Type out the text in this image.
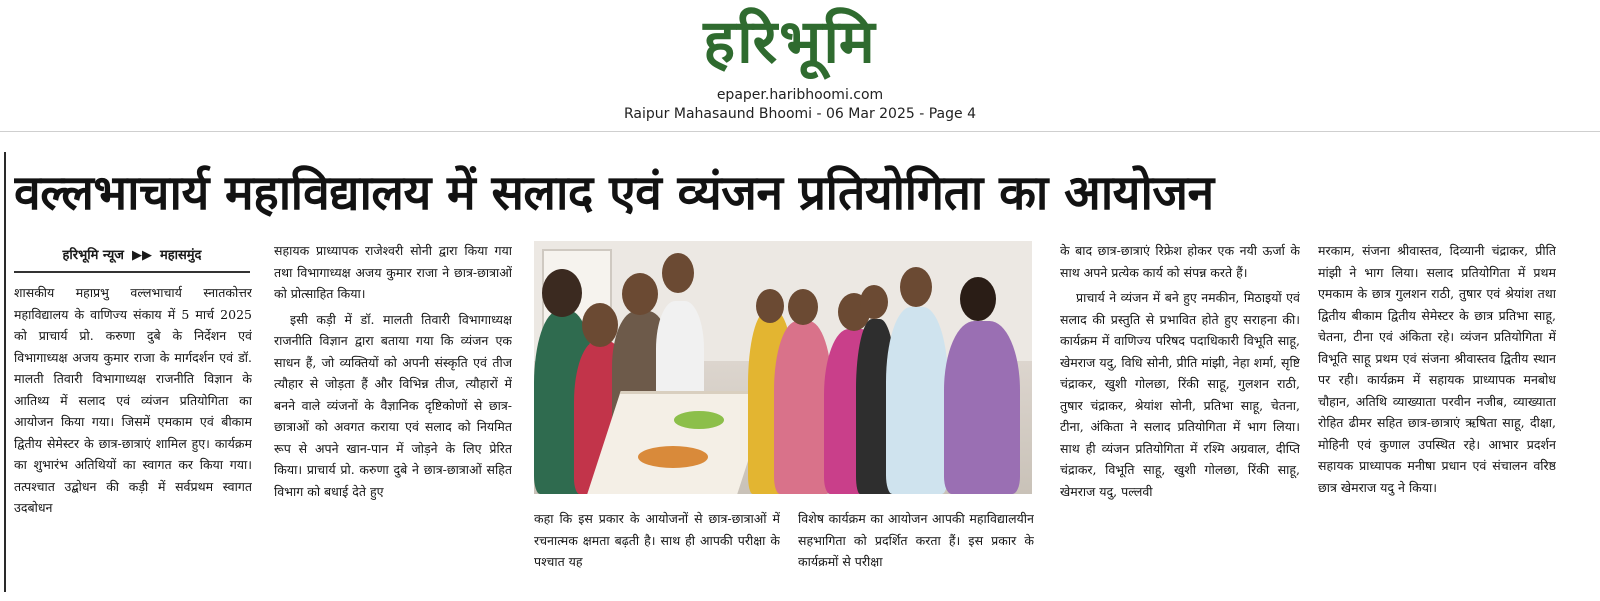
हरिभूमि
epaper.haribhoomi.com
Raipur Mahasaund Bhoomi - 06 Mar 2025 - Page 4
वल्लभाचार्य महाविद्यालय में सलाद एवं व्यंजन प्रतियोगिता का आयोजन
हरिभूमि न्यूज ▶▶ महासमुंद

शासकीय महाप्रभु वल्लभाचार्य स्नातकोत्तर महाविद्यालय के वाणिज्य संकाय में 5 मार्च 2025 को प्राचार्य प्रो. करुणा दुबे के निर्देशन एवं विभागाध्यक्ष अजय कुमार राजा के मार्गदर्शन एवं डॉ. मालती तिवारी विभागाध्यक्ष राजनीति विज्ञान के आतिथ्य में सलाद एवं व्यंजन प्रतियोगिता का आयोजन किया गया। जिसमें एमकाम एवं बीकाम द्वितीय सेमेस्टर के छात्र-छात्राएं शामिल हुए। कार्यक्रम का शुभारंभ अतिथियों का स्वागत कर किया गया। तत्पश्चात उद्बोधन की कड़ी में सर्वप्रथम स्वागत उदबोधन

सहायक प्राध्यापक राजेश्वरी सोनी द्वारा किया गया तथा विभागाध्यक्ष अजय कुमार राजा ने छात्र-छात्राओं को प्रोत्साहित किया।

इसी कड़ी में डॉ. मालती तिवारी विभागाध्यक्ष राजनीति विज्ञान द्वारा बताया गया कि व्यंजन एक साधन हैं, जो व्यक्तियों को अपनी संस्कृति एवं तीज त्यौहार से जोड़ता हैं और विभिन्न तीज, त्यौहारों में बनने वाले व्यंजनों के वैज्ञानिक दृष्टिकोणों से छात्र-छात्राओं को अवगत कराया एवं सलाद को नियमित रूप से अपने खान-पान में जोड़ने के लिए प्रेरित किया। प्राचार्य प्रो. करुणा दुबे ने छात्र-छात्राओं सहित विभाग को बधाई देते हुए

कहा कि इस प्रकार के आयोजनों से छात्र-छात्राओं में रचनात्मक क्षमता बढ़ती है। साथ ही आपकी परीक्षा के पश्चात यह

विशेष कार्यक्रम का आयोजन आपकी महाविद्यालयीन सहभागिता को प्रदर्शित करता हैं। इस प्रकार के कार्यक्रमों से परीक्षा

के बाद छात्र-छात्राएं रिफ्रेश होकर एक नयी ऊर्जा के साथ अपने प्रत्येक कार्य को संपन्न करते हैं।

प्राचार्य ने व्यंजन में बने हुए नमकीन, मिठाइयों एवं सलाद की प्रस्तुति से प्रभावित होते हुए सराहना की। कार्यक्रम में वाणिज्य परिषद पदाधिकारी विभूति साहू, खेमराज यदु, विधि सोनी, प्रीति मांझी, नेहा शर्मा, सृष्टि चंद्राकर, खुशी गोलछा, रिंकी साहू, गुलशन राठी, तुषार चंद्राकर, श्रेयांश सोनी, प्रतिभा साहू, चेतना, टीना, अंकिता ने सलाद प्रतियोगिता में भाग लिया। साथ ही व्यंजन प्रतियोगिता में रश्मि अग्रवाल, दीप्ति चंद्राकर, विभूति साहू, खुशी गोलछा, रिंकी साहू, खेमराज यदु, पल्लवी

मरकाम, संजना श्रीवास्तव, दिव्यानी चंद्राकर, प्रीति मांझी ने भाग लिया। सलाद प्रतियोगिता में प्रथम एमकाम के छात्र गुलशन राठी, तुषार एवं श्रेयांश तथा द्वितीय बीकाम द्वितीय सेमेस्टर के छात्र प्रतिभा साहू, चेतना, टीना एवं अंकिता रहे। व्यंजन प्रतियोगिता में विभूति साहू प्रथम एवं संजना श्रीवास्तव द्वितीय स्थान पर रही। कार्यक्रम में सहायक प्राध्यापक मनबोध चौहान, अतिथि व्याख्याता परवीन नजीब, व्याख्याता रोहित ढीमर सहित छात्र-छात्राएं ऋषिता साहू, दीक्षा, मोहिनी एवं कुणाल उपस्थित रहे। आभार प्रदर्शन सहायक प्राध्यापक मनीषा प्रधान एवं संचालन वरिष्ठ छात्र खेमराज यदु ने किया।
